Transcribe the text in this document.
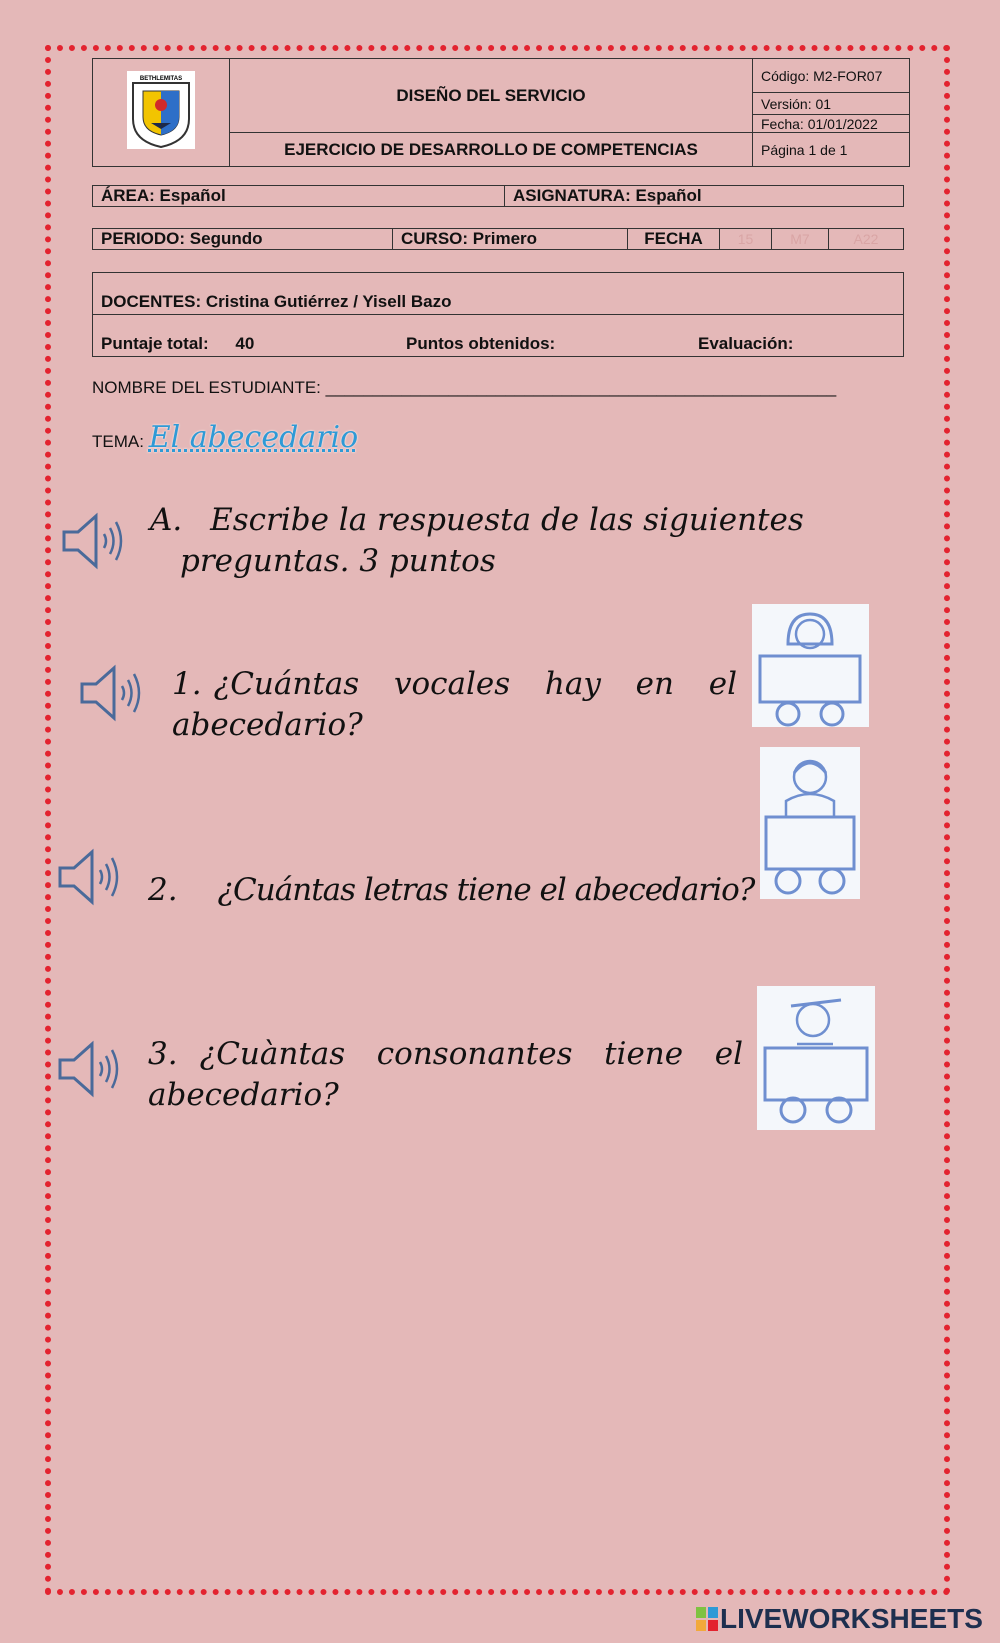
BETHLEMITAS	DISEÑO DEL SERVICIO	Código: M2-FOR07
		Versión: 01
		Fecha: 01/01/2022
	EJERCICIO DE DESARROLLO DE COMPETENCIAS	Página 1 de 1
ÁREA: Español	ASIGNATURA: Español
PERIODO: Segundo	CURSO: Primero	FECHA	15	M7	A22
DOCENTES: Cristina Gutiérrez / Yisell Bazo
Puntaje total: 40	Puntos obtenidos:	Evaluación:
NOMBRE DEL ESTUDIANTE: ______________________________________________________
TEMA: El abecedario
A. Escribe la respuesta de las siguientes
preguntas. 3 puntos
1. ¿Cuántas vocales hay en el
abecedario?
2. ¿Cuántas letras tiene el abecedario?
3. ¿Cuàntas consonantes tiene el
abecedario?
LIVEWORKSHEETS
